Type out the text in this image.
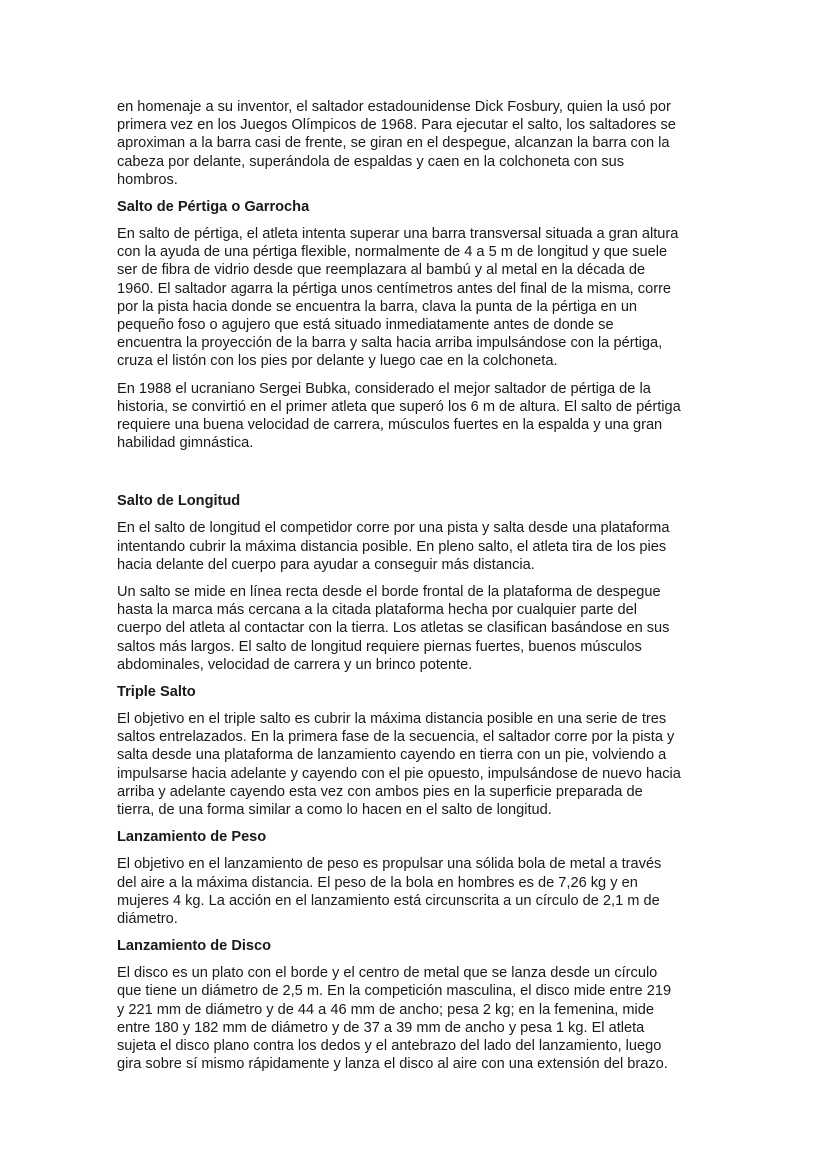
en homenaje a su inventor, el saltador estadounidense Dick Fosbury, quien la usó por
primera vez en los Juegos Olímpicos de 1968. Para ejecutar el salto, los saltadores se
aproximan a la barra casi de frente, se giran en el despegue, alcanzan la barra con la
cabeza por delante, superándola de espaldas y caen en la colchoneta con sus
hombros.

Salto de Pértiga o Garrocha

En salto de pértiga, el atleta intenta superar una barra transversal situada a gran altura
con la ayuda de una pértiga flexible, normalmente de 4 a 5 m de longitud y que suele
ser de fibra de vidrio desde que reemplazara al bambú y al metal en la década de
1960. El saltador agarra la pértiga unos centímetros antes del final de la misma, corre
por la pista hacia donde se encuentra la barra, clava la punta de la pértiga en un
pequeño foso o agujero que está situado inmediatamente antes de donde se
encuentra la proyección de la barra y salta hacia arriba impulsándose con la pértiga,
cruza el listón con los pies por delante y luego cae en la colchoneta.

En 1988 el ucraniano Sergei Bubka, considerado el mejor saltador de pértiga de la
historia, se convirtió en el primer atleta que superó los 6 m de altura. El salto de pértiga
requiere una buena velocidad de carrera, músculos fuertes en la espalda y una gran
habilidad gimnástica.

Salto de Longitud

En el salto de longitud el competidor corre por una pista y salta desde una plataforma
intentando cubrir la máxima distancia posible. En pleno salto, el atleta tira de los pies
hacia delante del cuerpo para ayudar a conseguir más distancia.

Un salto se mide en línea recta desde el borde frontal de la plataforma de despegue
hasta la marca más cercana a la citada plataforma hecha por cualquier parte del
cuerpo del atleta al contactar con la tierra. Los atletas se clasifican basándose en sus
saltos más largos. El salto de longitud requiere piernas fuertes, buenos músculos
abdominales, velocidad de carrera y un brinco potente.

Triple Salto

El objetivo en el triple salto es cubrir la máxima distancia posible en una serie de tres
saltos entrelazados. En la primera fase de la secuencia, el saltador corre por la pista y
salta desde una plataforma de lanzamiento cayendo en tierra con un pie, volviendo a
impulsarse hacia adelante y cayendo con el pie opuesto, impulsándose de nuevo hacia
arriba y adelante cayendo esta vez con ambos pies en la superficie preparada de
tierra, de una forma similar a como lo hacen en el salto de longitud.

Lanzamiento de Peso

El objetivo en el lanzamiento de peso es propulsar una sólida bola de metal a través
del aire a la máxima distancia. El peso de la bola en hombres es de 7,26 kg y en
mujeres 4 kg. La acción en el lanzamiento está circunscrita a un círculo de 2,1 m de
diámetro.

Lanzamiento de Disco

El disco es un plato con el borde y el centro de metal que se lanza desde un círculo
que tiene un diámetro de 2,5 m. En la competición masculina, el disco mide entre 219
y 221 mm de diámetro y de 44 a 46 mm de ancho; pesa 2 kg; en la femenina, mide
entre 180 y 182 mm de diámetro y de 37 a 39 mm de ancho y pesa 1 kg. El atleta
sujeta el disco plano contra los dedos y el antebrazo del lado del lanzamiento, luego
gira sobre sí mismo rápidamente y lanza el disco al aire con una extensión del brazo.
